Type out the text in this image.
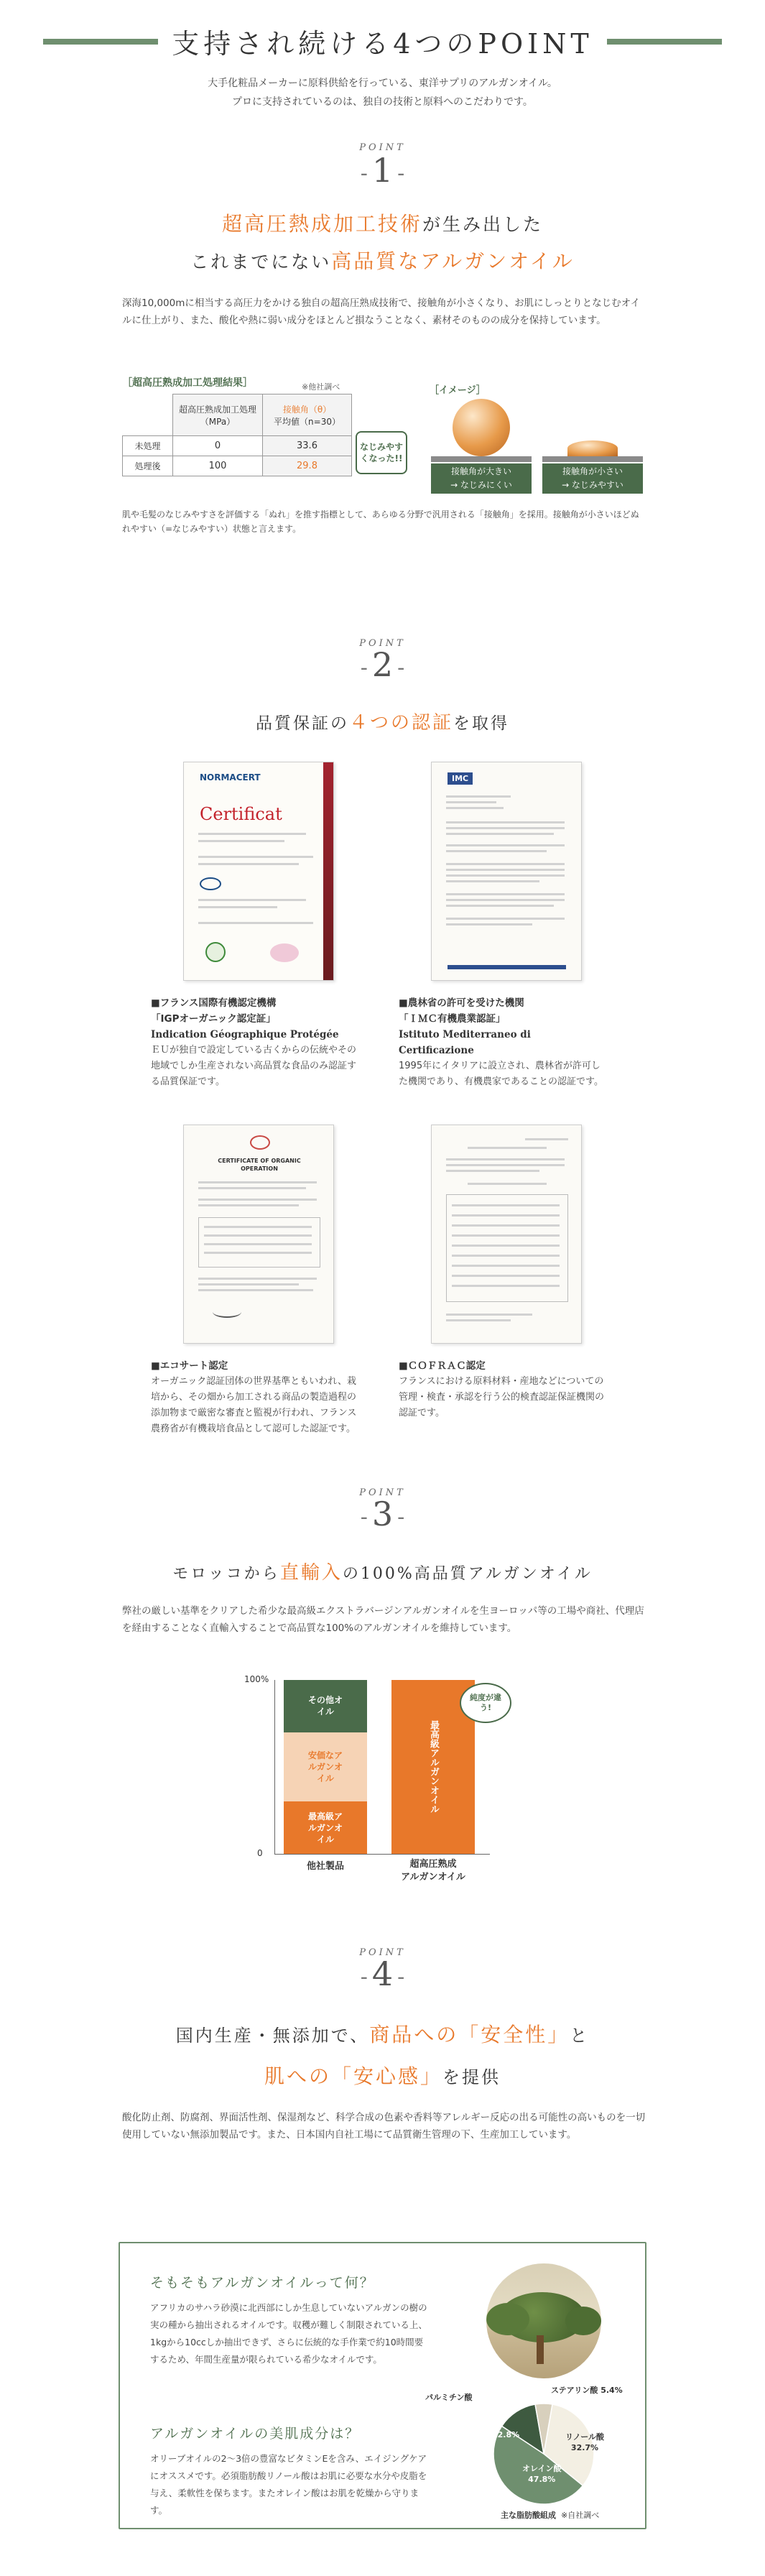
支持され続ける4つのPOINT
大手化粧品メーカーに原料供給を行っている、東洋サプリのアルガンオイル。
プロに支持されているのは、独自の技術と原料へのこだわりです。
POINT
- 1 -
超高圧熱成加工技術が生み出した
これまでにない高品質なアルガンオイル
深海10,000mに相当する高圧力をかける独自の超高圧熟成技術で、接触角が小さくなり、お肌にしっとりとなじむオイルに仕上がり、また、酸化や熱に弱い成分をほとんど損なうことなく、素材そのものの成分を保持しています。
［超高圧熟成加工処理結果］	※他社調べ
	超高圧熟成加工処理（MPa）	接触角（θ）
平均値（n=30）
未処理	0	33.6
処理後	100	29.8
なじみやすくなった!!
［イメージ］
接触角が大きい
→ なじみにくい
接触角が小さい
→ なじみやすい
肌や毛髪のなじみやすさを評価する「ぬれ」を推す指標として、あらゆる分野で汎用される「接触角」を採用。接触角が小さいほどぬれやすい（=なじみやすい）状態と言えます。
POINT
- 2 -
品質保証の４つの認証を取得
NORMACERT
Certificat
IMC
■フランス国際有機認定機構
「IGPオーガニック認定証」
Indication Géographique Protégée
ＥＵが独自で設定している古くからの伝統やその地域でしか生産されない高品質な食品のみ認証する品質保証です。
■農林省の許可を受けた機関
「ＩＭＣ有機農業認証」
Istituto Mediterraneo di Certificazione
1995年にイタリアに設立され、農林省が許可した機関であり、有機農家であることの認証です。
CERTIFICATE OF ORGANIC OPERATION
■エコサート認定
オーガニック認証団体の世界基準ともいわれ、栽培から、その畑から加工される商品の製造過程の添加物まで厳密な審査と監視が行われ、フランス農務省が有機栽培食品として認可した認証です。
■ＣＯＦＲＡＣ認定
フランスにおける原料材料・産地などについての管理・検査・承認を行う公的検査認証保証機関の認証です。
POINT
- 3 -
モロッコから直輸入の100%高品質アルガンオイル
弊社の厳しい基準をクリアした希少な最高級エクストラバージンアルガンオイルを生ヨーロッパ等の工場や商社、代理店を経由することなく直輸入することで高品質な100%のアルガンオイルを維持しています。
100%
0
最高級アルガンオイル
安価なアルガンオイル
その他オイル
最高級アルガンオイル
純度が違う!
他社製品	超高圧熟成
アルガンオイル
POINT
- 4 -
国内生産・無添加で、商品への「安全性」と
肌への「安心感」を提供
酸化防止剤、防腐剤、界面活性剤、保湿剤など、科学合成の色素や香料等アレルギー反応の出る可能性の高いものを一切使用していない無添加製品です。また、日本国内自社工場にて品質衛生管理の下、生産加工しています。
そもそもアルガンオイルって何？
アフリカのサハラ砂漠に北西部にしか生息していないアルガンの樹の実の種から抽出されるオイルです。収穫が難しく制限されている上、1kgから10ccしか抽出できず、さらに伝統的な手作業で約10時間要するため、年間生産量が限られている希少なオイルです。
アルガンオイルの美肌成分は？
オリーブオイルの2〜3倍の豊富なビタミンEを含み、エイジングケアにオススメです。必須脂肪酸リノール酸はお肌に必要な水分や皮脂を与え、柔軟性を保ちます。またオレイン酸はお肌を乾燥から守ります。
ステアリン酸 5.4%
パルミチン酸
リノール酸
32.7%
オレイン酸
47.8%
12.8%
主な脂肪酸組成 ※自社調べ
